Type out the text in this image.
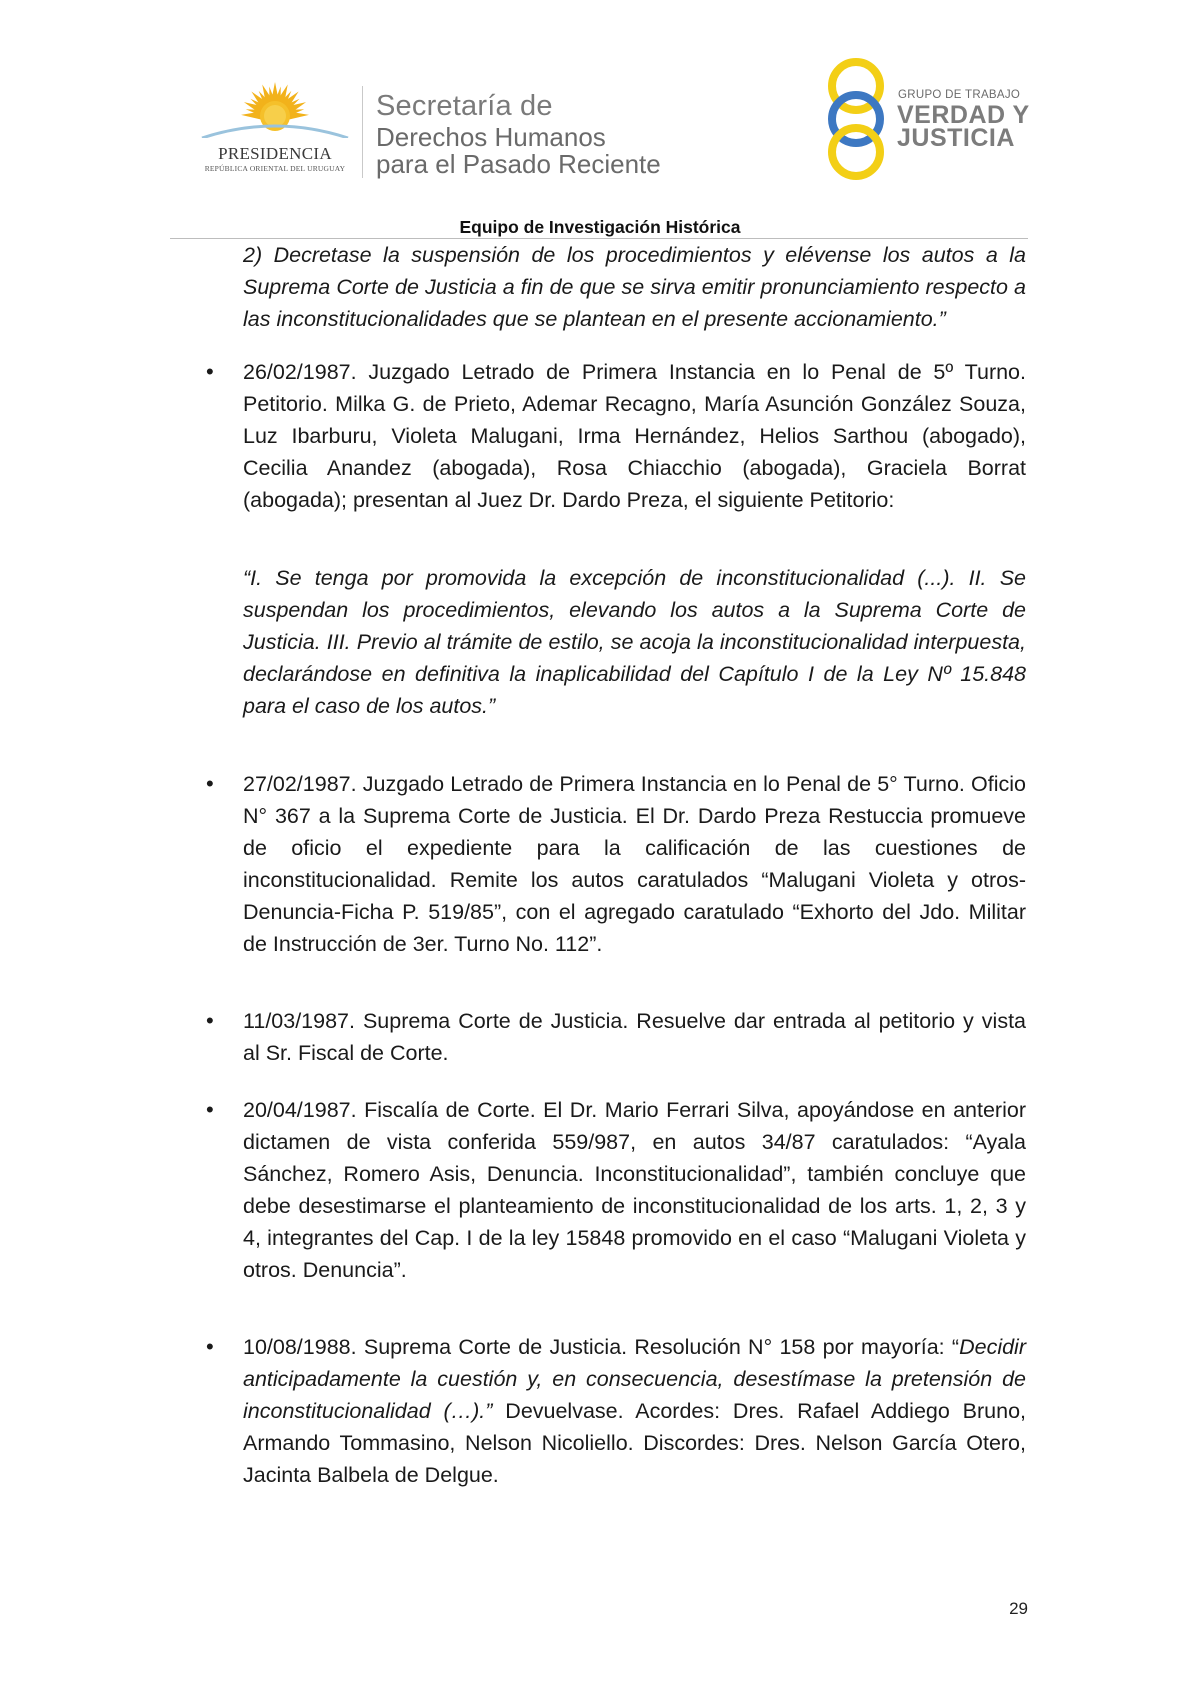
PRESIDENCIA
REPÚBLICA ORIENTAL DEL URUGUAY
Secretaría de
Derechos Humanos
para el Pasado Reciente
GRUPO DE TRABAJO
VERDAD Y
JUSTICIA
Equipo de Investigación Histórica

2) Decretase la suspensión de los procedimientos y elévense los autos a la Suprema Corte de Justicia a fin de que se sirva emitir pronunciamiento respecto a las inconstitucionalidades que se plantean en el presente accionamiento.”

• 26/02/1987. Juzgado Letrado de Primera Instancia en lo Penal de 5º Turno. Petitorio. Milka G. de Prieto, Ademar Recagno, María Asunción González Souza, Luz Ibarburu, Violeta Malugani, Irma Hernández, Helios Sarthou (abogado), Cecilia Anandez (abogada), Rosa Chiacchio (abogada), Graciela Borrat (abogada); presentan al Juez Dr. Dardo Preza, el siguiente Petitorio:

“I. Se tenga por promovida la excepción de inconstitucionalidad (...). II. Se suspendan los procedimientos, elevando los autos a la Suprema Corte de Justicia. III. Previo al trámite de estilo, se acoja la inconstitucionalidad interpuesta, declarándose en definitiva la inaplicabilidad del Capítulo I de la Ley Nº 15.848 para el caso de los autos.”

• 27/02/1987. Juzgado Letrado de Primera Instancia en lo Penal de 5° Turno. Oficio N° 367 a la Suprema Corte de Justicia. El Dr. Dardo Preza Restuccia promueve de oficio el expediente para la calificación de las cuestiones de inconstitucionalidad. Remite los autos caratulados “Malugani Violeta y otros-Denuncia-Ficha P. 519/85”, con el agregado caratulado “Exhorto del Jdo. Militar de Instrucción de 3er. Turno No. 112”.

• 11/03/1987. Suprema Corte de Justicia. Resuelve dar entrada al petitorio y vista al Sr. Fiscal de Corte.

• 20/04/1987. Fiscalía de Corte. El Dr. Mario Ferrari Silva, apoyándose en anterior dictamen de vista conferida 559/987, en autos 34/87 caratulados: “Ayala Sánchez, Romero Asis, Denuncia. Inconstitucionalidad”, también concluye que debe desestimarse el planteamiento de inconstitucionalidad de los arts. 1, 2, 3 y 4, integrantes del Cap. I de la ley 15848 promovido en el caso “Malugani Violeta y otros. Denuncia”.

• 10/08/1988. Suprema Corte de Justicia. Resolución N° 158 por mayoría: “Decidir anticipadamente la cuestión y, en consecuencia, desestímase la pretensión de inconstitucionalidad (…).” Devuelvase. Acordes: Dres. Rafael Addiego Bruno, Armando Tommasino, Nelson Nicoliello. Discordes: Dres. Nelson García Otero, Jacinta Balbela de Delgue.

29
